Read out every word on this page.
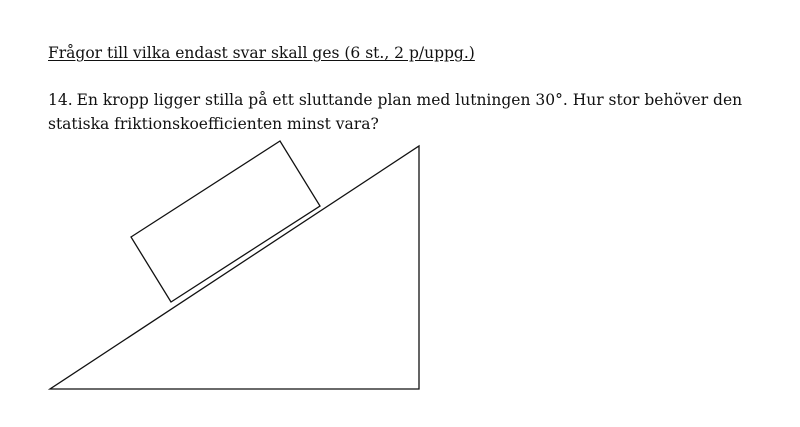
Frågor till vilka endast svar skall ges (6 st., 2 p/uppg.)
14. En kropp ligger stilla på ett sluttande plan med lutningen 30°. Hur stor behöver den statiska friktionskoefficienten minst vara?
